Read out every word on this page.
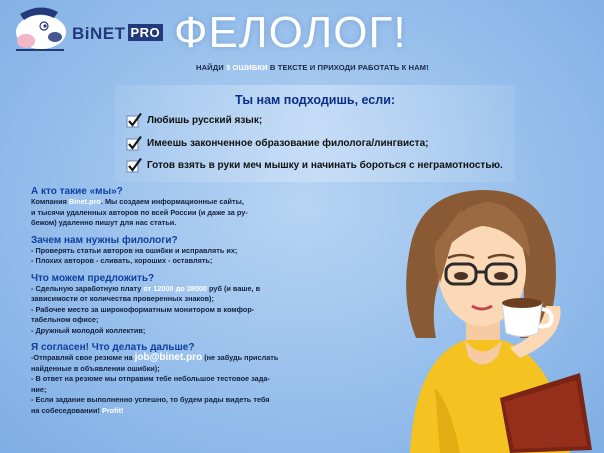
BiNET PRO ФЕЛОЛОГ!
НАЙДИ 3 ОШИБКИ В ТЕКСТЕ И ПРИХОДИ РАБОТАТЬ К НАМ!
Ты нам подходишь, если:
Любишь русский язык;
Имеешь законченное образование филолога/лингвиста;
Готов взять в руки меч мышку и начинать бороться с неграмотностью.
А кто такие «мы»?
Компания Binet.pro. Мы создаем информационные сайты,
и тысячи удаленных авторов по всей России (и даже за ру-
бежом) удаленно пишут для нас статьи.
Зачем нам нужны филологи?
- Проверять статьи авторов на ошибки и исправлять их;
- Плохих авторов - сливать, хороших - оставлять;
Что можем предложить?
- Сдельную заработную плату от 12000 до 28000 руб (и ваше, в
зависимости от количества проверенных знаков);
- Рабочее место за широкоформатным монитором в комфор-
табельном офисе;
- Дружный молодой коллектив;
Я согласен! Что делать дальше?
-Отправляй свое резюме на job@binet.pro (не забудь прислать
найденные в объявлении ошибки);
- В ответ на резюме мы отправим тебе небольшое тестовое зада-
ние;
- Если задание выполненно успешно, то будем рады видеть тебя
на собеседовании! Profit!
